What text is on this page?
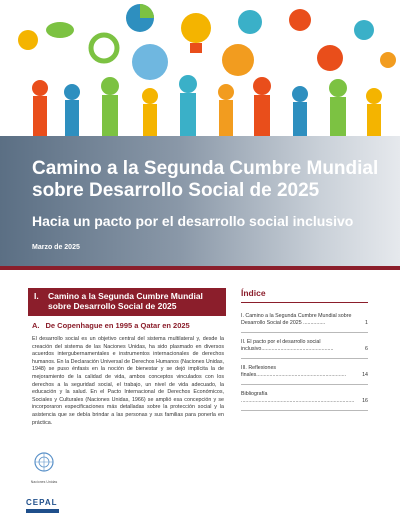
Camino a la Segunda Cumbre Mundial sobre Desarrollo Social de 2025
Hacia un pacto por el desarrollo social inclusivo

Marzo de 2025

I. Camino a la Segunda Cumbre Mundial sobre Desarrollo Social de 2025
A. De Copenhague en 1995 a Qatar en 2025

El desarrollo social es un objetivo central del sistema multilateral y, desde la creación del sistema de las Naciones Unidas, ha sido plasmado en diversos acuerdos intergubernamentales e instrumentos internacionales de derechos humanos. En la Declaración Universal de Derechos Humanos (Naciones Unidas, 1948) se puso énfasis en la noción de bienestar y se dejó implícita la de mejoramiento de la calidad de vida, ambos conceptos vinculados con los derechos a la seguridad social, el trabajo, un nivel de vida adecuado, la educación y la salud. En el Pacto Internacional de Derechos Económicos, Sociales y Culturales (Naciones Unidas, 1966) se amplió esa concepción y se incorporaron especificaciones más detalladas sobre la protección social y la asistencia que se debía brindar a las personas y sus familias para ponerla en práctica.

Índice
I. Camino a la Segunda Cumbre Mundial sobre Desarrollo Social de 2025 ...............	1
II. El pacto por el desarrollo social inclusivo.................................................	6
III. Reflexiones finales.............................................................	14
Bibliografía ............................................................................. 16
Naciones Unidas
CEPAL
